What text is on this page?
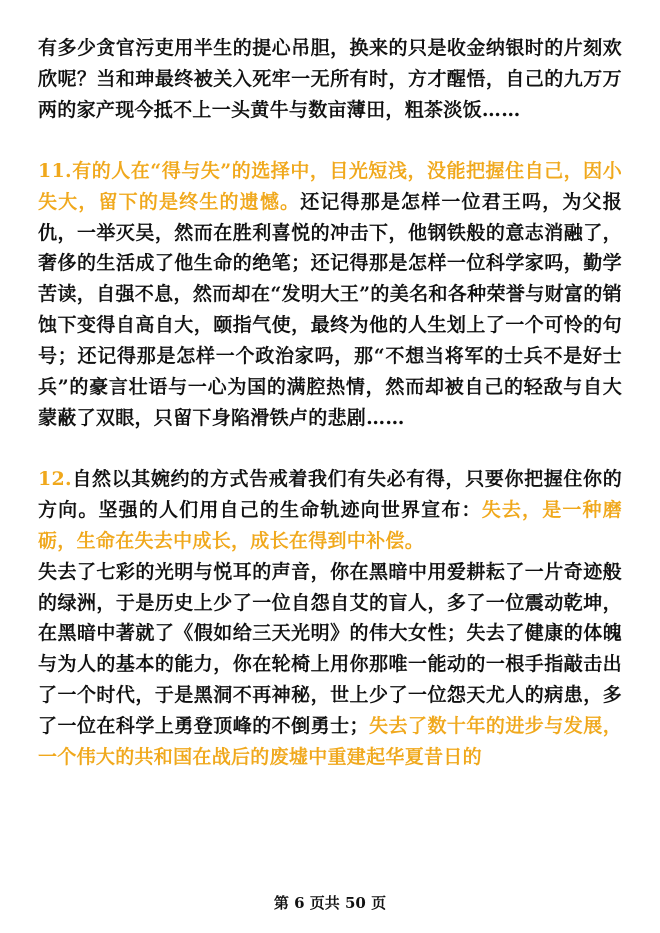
有多少贪官污吏用半生的提心吊胆，换来的只是收金纳银时的片刻欢欣呢？当和珅最终被关入死牢一无所有时，方才醒悟，自己的九万万两的家产现今抵不上一头黄牛与数亩薄田，粗茶淡饭……

11.有的人在“得与失”的选择中，目光短浅，没能把握住自己，因小失大，留下的是终生的遗憾。还记得那是怎样一位君王吗，为父报仇，一举灭吴，然而在胜利喜悦的冲击下，他钢铁般的意志消融了，奢侈的生活成了他生命的绝笔；还记得那是怎样一位科学家吗，勤学苦读，自强不息，然而却在“发明大王”的美名和各种荣誉与财富的销蚀下变得自高自大，颐指气使，最终为他的人生划上了一个可怜的句号；还记得那是怎样一个政治家吗，那“不想当将军的士兵不是好士兵”的豪言壮语与一心为国的满腔热情，然而却被自己的轻敌与自大蒙蔽了双眼，只留下身陷滑铁卢的悲剧……

12.自然以其婉约的方式告戒着我们有失必有得，只要你把握住你的方向。坚强的人们用自己的生命轨迹向世界宣布：失去，是一种磨砺，生命在失去中成长，成长在得到中补偿。

失去了七彩的光明与悦耳的声音，你在黑暗中用爱耕耘了一片奇迹般的绿洲，于是历史上少了一位自怨自艾的盲人，多了一位震动乾坤，在黑暗中著就了《假如给三天光明》的伟大女性；失去了健康的体魄与为人的基本的能力，你在轮椅上用你那唯一能动的一根手指敲击出了一个时代，于是黑洞不再神秘，世上少了一位怨天尤人的病患，多了一位在科学上勇登顶峰的不倒勇士；失去了数十年的进步与发展，一个伟大的共和国在战后的废墟中重建起华夏昔日的

第 6 页共 50 页
